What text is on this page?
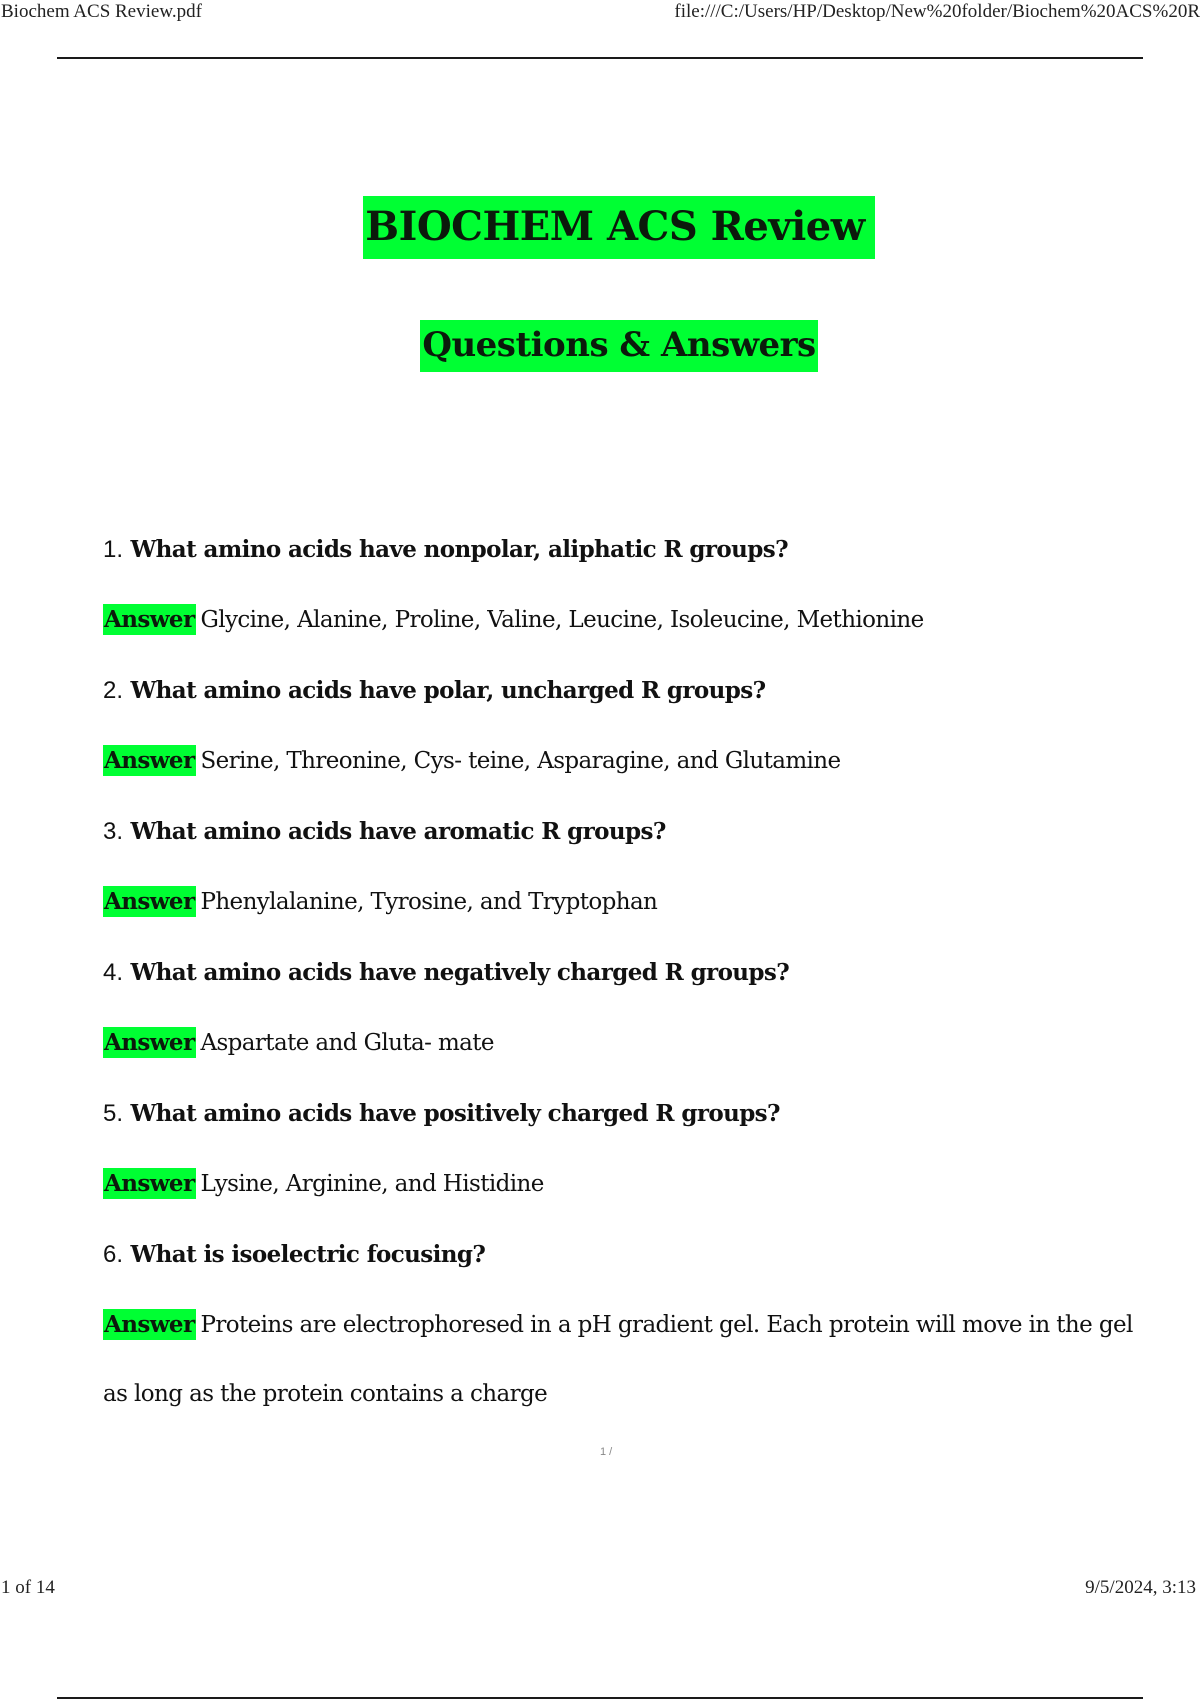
Biochem ACS Review.pdf	file:///C:/Users/HP/Desktop/New%20folder/Biochem%20ACS%20R
BIOCHEM ACS Review
Questions & Answers
1. What amino acids have nonpolar, aliphatic R groups?
Answer Glycine, Alanine, Proline, Valine, Leucine, Isoleucine, Methionine
2. What amino acids have polar, uncharged R groups?
Answer Serine, Threonine, Cys- teine, Asparagine, and Glutamine
3. What amino acids have aromatic R groups?
Answer Phenylalanine, Tyrosine, and Tryptophan
4. What amino acids have negatively charged R groups?
Answer Aspartate and Gluta- mate
5. What amino acids have positively charged R groups?
Answer Lysine, Arginine, and Histidine
6. What is isoelectric focusing?
Answer Proteins are electrophoresed in a pH gradient gel. Each protein will move in the gel
as long as the protein contains a charge
1 /
1 of 14	9/5/2024, 3:13
